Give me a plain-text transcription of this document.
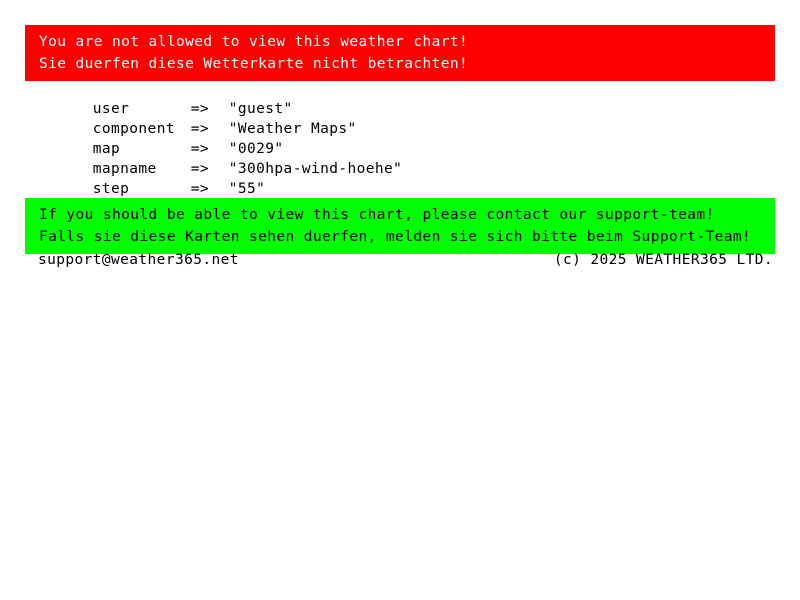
You are not allowed to view this weather chart!
Sie duerfen diese Wetterkarte nicht betrachten!

user	=> "guest"

component => "Weather Maps"

map	=> "0029"

mapname => "300hpa-wind-hoehe"

step	=> "55"

If you should be able to view this chart, please contact our support-team!
Falls sie diese Karten sehen duerfen, melden sie sich bitte beim Support-Team!
support@weather365.net	(c) 2025 WEATHER365 LTD.
